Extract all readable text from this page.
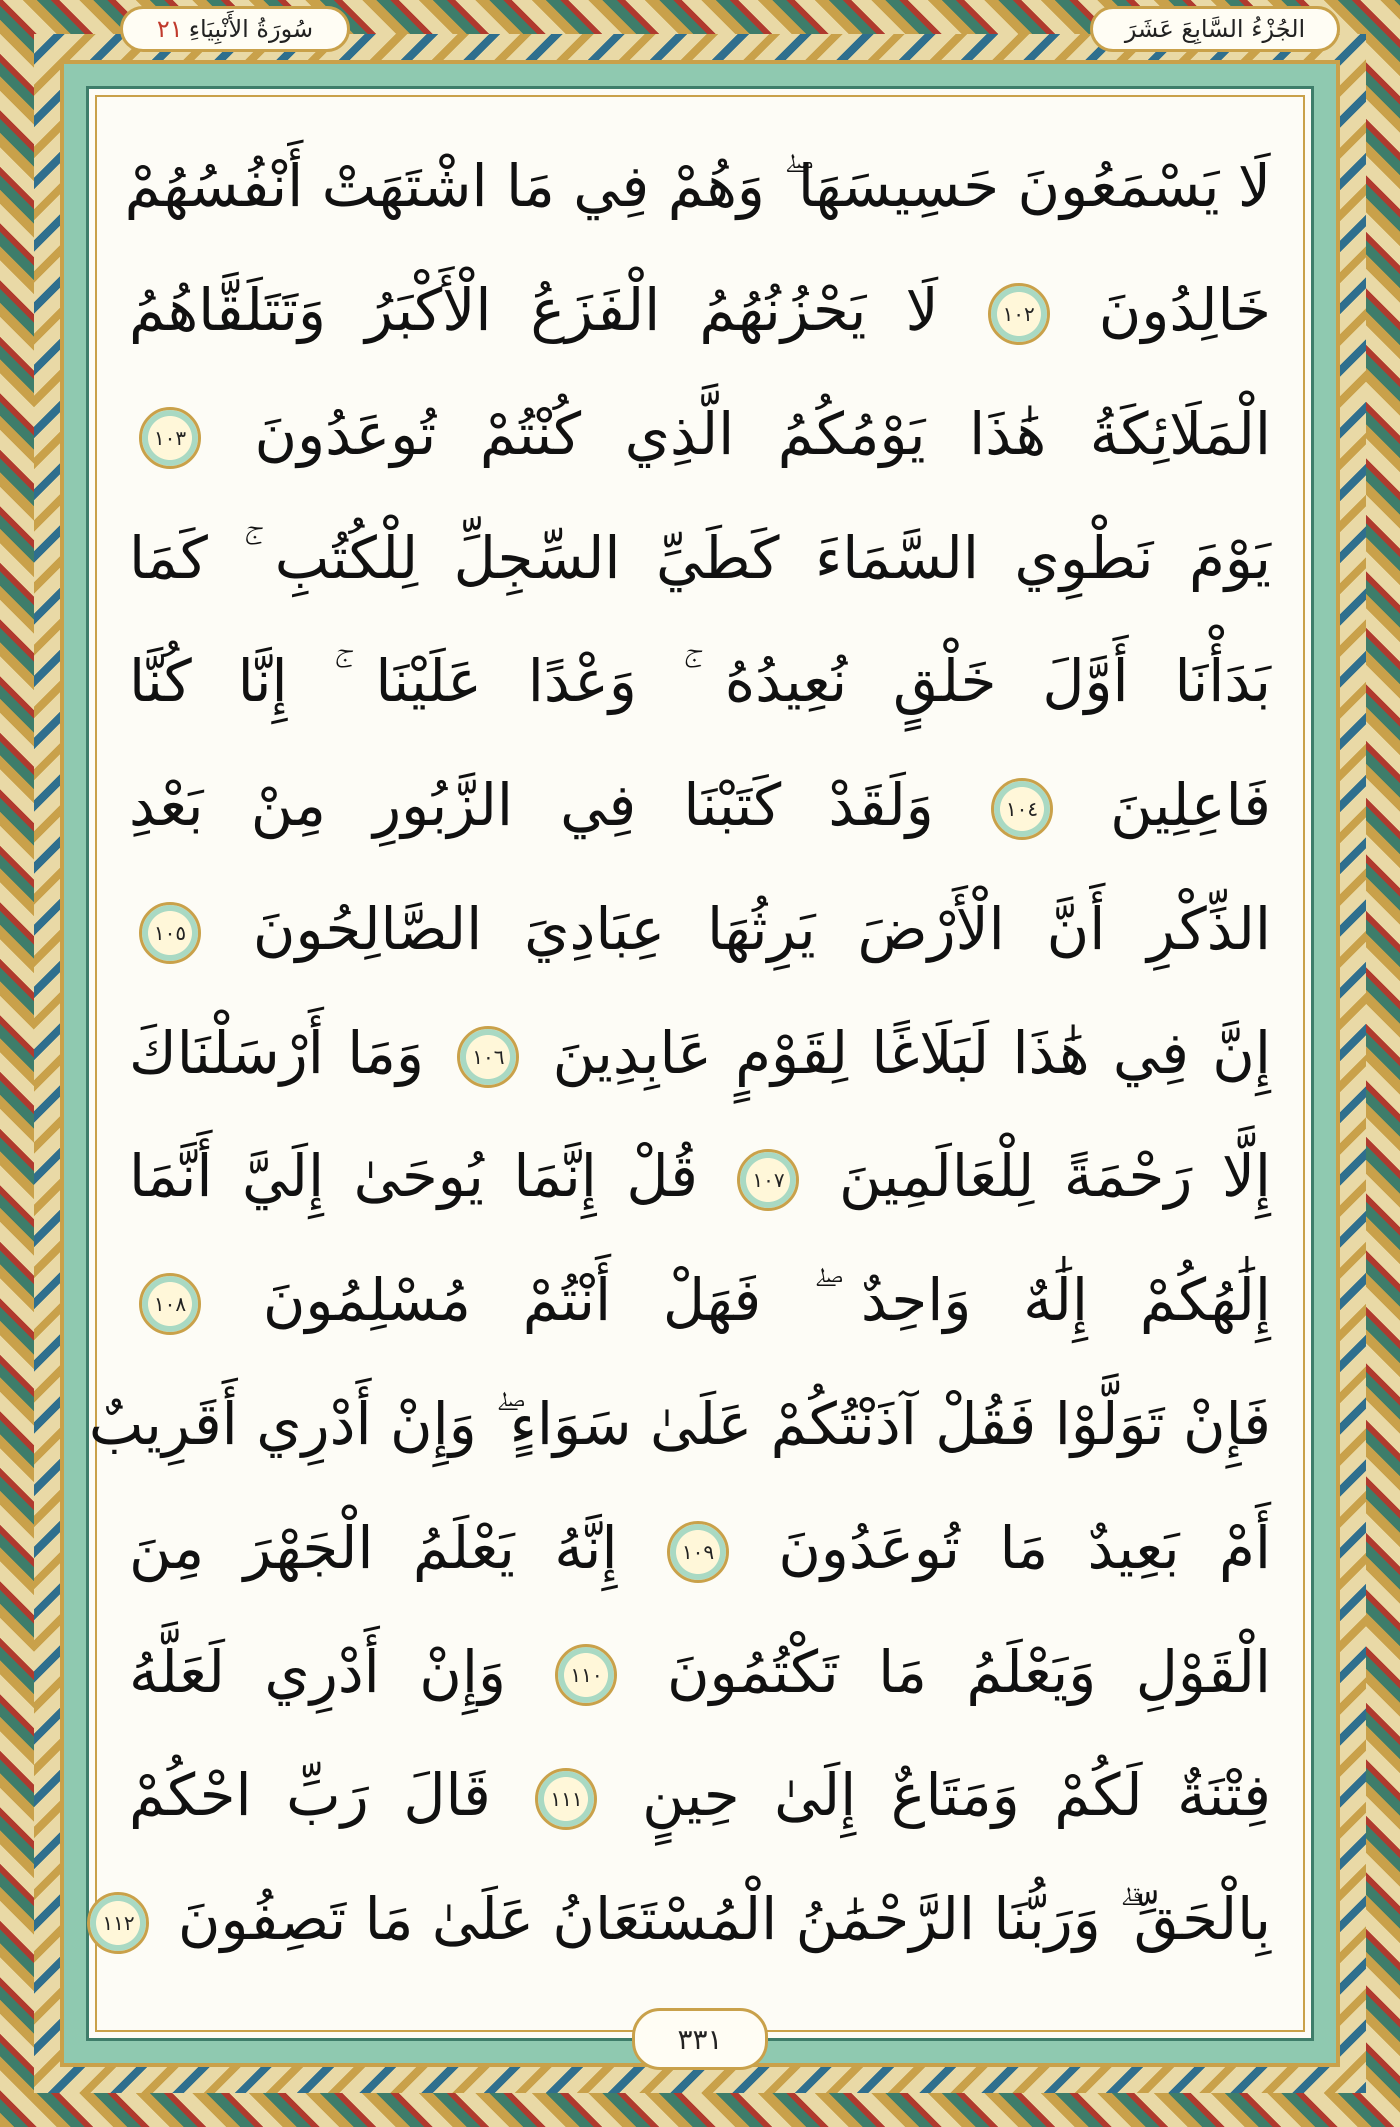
الجُزْءُ السَّابِعَ عَشَرَ
سُورَةُ الأَنْبِيَاءِ
٢١
لَا يَسْمَعُونَ حَسِيسَهَا ۖ وَهُمْ فِي مَا اشْتَهَتْ أَنْفُسُهُمْ
خَالِدُونَ ١٠٢ لَا يَحْزُنُهُمُ الْفَزَعُ الْأَكْبَرُ وَتَتَلَقَّاهُمُ
الْمَلَائِكَةُ هَٰذَا يَوْمُكُمُ الَّذِي كُنْتُمْ تُوعَدُونَ ١٠٣
يَوْمَ نَطْوِي السَّمَاءَ كَطَيِّ السِّجِلِّ لِلْكُتُبِ ۚ كَمَا
بَدَأْنَا أَوَّلَ خَلْقٍ نُعِيدُهُ ۚ وَعْدًا عَلَيْنَا ۚ إِنَّا كُنَّا
فَاعِلِينَ ١٠٤ وَلَقَدْ كَتَبْنَا فِي الزَّبُورِ مِنْ بَعْدِ
الذِّكْرِ أَنَّ الْأَرْضَ يَرِثُهَا عِبَادِيَ الصَّالِحُونَ ١٠٥
إِنَّ فِي هَٰذَا لَبَلَاغًا لِقَوْمٍ عَابِدِينَ ١٠٦ وَمَا أَرْسَلْنَاكَ
إِلَّا رَحْمَةً لِلْعَالَمِينَ ١٠٧ قُلْ إِنَّمَا يُوحَىٰ إِلَيَّ أَنَّمَا
إِلَٰهُكُمْ إِلَٰهٌ وَاحِدٌ ۖ فَهَلْ أَنْتُمْ مُسْلِمُونَ ١٠٨
فَإِنْ تَوَلَّوْا فَقُلْ آذَنْتُكُمْ عَلَىٰ سَوَاءٍ ۖ وَإِنْ أَدْرِي أَقَرِيبٌ
أَمْ بَعِيدٌ مَا تُوعَدُونَ ١٠٩ إِنَّهُ يَعْلَمُ الْجَهْرَ مِنَ
الْقَوْلِ وَيَعْلَمُ مَا تَكْتُمُونَ ١١٠ وَإِنْ أَدْرِي لَعَلَّهُ
فِتْنَةٌ لَكُمْ وَمَتَاعٌ إِلَىٰ حِينٍ ١١١ قَالَ رَبِّ احْكُمْ
بِالْحَقِّ ۗ وَرَبُّنَا الرَّحْمَٰنُ الْمُسْتَعَانُ عَلَىٰ مَا تَصِفُونَ ١١٢
٣٣١
